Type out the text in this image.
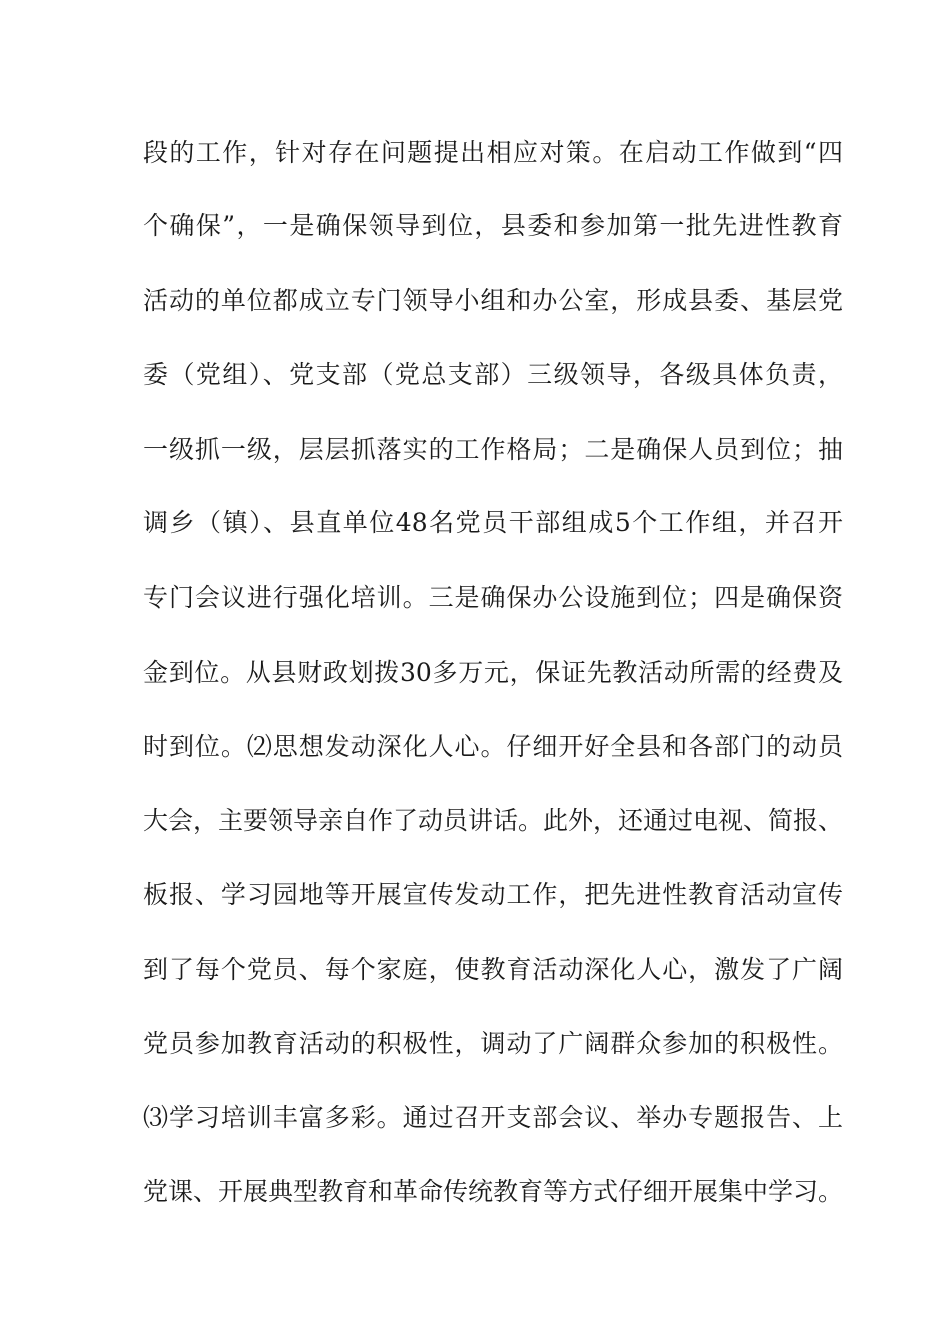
段的工作，针对存在问题提出相应对策。在启动工作做到“四
个确保”，一是确保领导到位，县委和参加第一批先进性教育
活动的单位都成立专门领导小组和办公室，形成县委、基层党
委（党组）、党支部（党总支部）三级领导，各级具体负责，
一级抓一级，层层抓落实的工作格局；二是确保人员到位；抽
调乡（镇）、县直单位48名党员干部组成5个工作组，并召开
专门会议进行强化培训。三是确保办公设施到位；四是确保资
金到位。从县财政划拨30多万元，保证先教活动所需的经费及
时到位。⑵思想发动深化人心。仔细开好全县和各部门的动员
大会，主要领导亲自作了动员讲话。此外，还通过电视、简报、
板报、学习园地等开展宣传发动工作，把先进性教育活动宣传
到了每个党员、每个家庭，使教育活动深化人心，激发了广阔
党员参加教育活动的积极性，调动了广阔群众参加的积极性。
⑶学习培训丰富多彩。通过召开支部会议、举办专题报告、上
党课、开展典型教育和革命传统教育等方式仔细开展集中学习。
